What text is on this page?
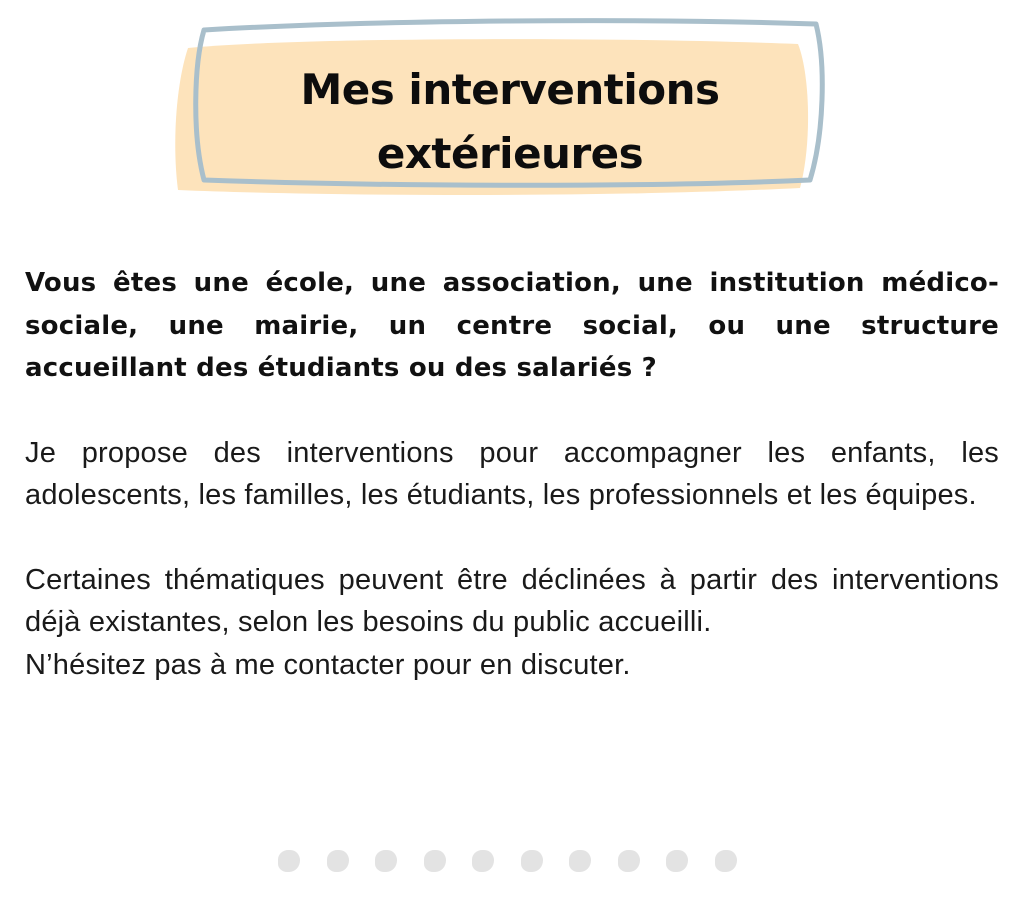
Mes interventions
extérieures

Vous êtes une école, une association, une institution médico-sociale, une mairie, un centre social, ou une structure accueillant des étudiants ou des salariés ?

Je propose des interventions pour accompagner les enfants, les adolescents, les familles, les étudiants, les professionnels et les équipes.

Certaines thématiques peuvent être déclinées à partir des interventions déjà existantes, selon les besoins du public accueilli.

N’hésitez pas à me contacter pour en discuter.
